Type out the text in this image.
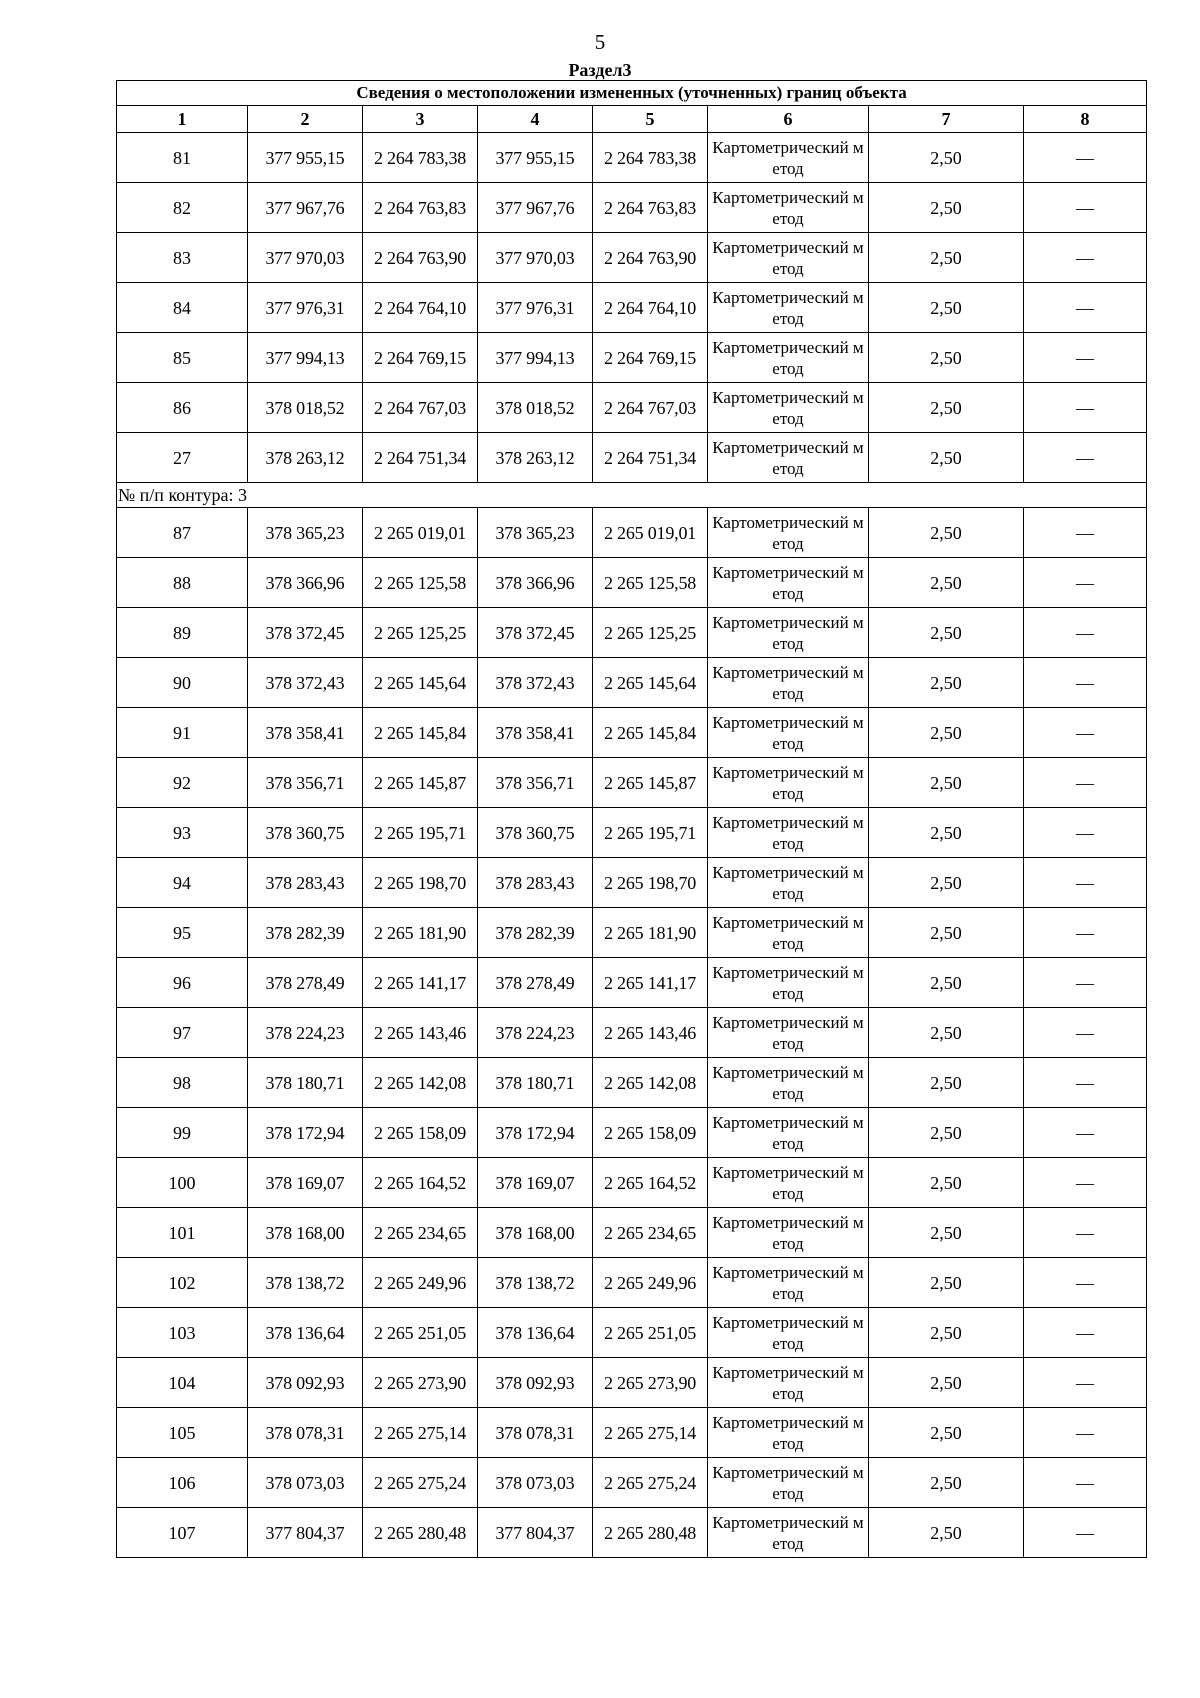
5
Раздел3
Сведения о местоположении измененных (уточненных) границ объекта							
1	2	3	4	5	6	7	8
81	377 955,15	2 264 783,38	377 955,15	2 264 783,38	Картометрический метод	2,50	—
82	377 967,76	2 264 763,83	377 967,76	2 264 763,83	Картометрический метод	2,50	—
83	377 970,03	2 264 763,90	377 970,03	2 264 763,90	Картометрический метод	2,50	—
84	377 976,31	2 264 764,10	377 976,31	2 264 764,10	Картометрический метод	2,50	—
85	377 994,13	2 264 769,15	377 994,13	2 264 769,15	Картометрический метод	2,50	—
86	378 018,52	2 264 767,03	378 018,52	2 264 767,03	Картометрический метод	2,50	—
27	378 263,12	2 264 751,34	378 263,12	2 264 751,34	Картометрический метод	2,50	—
№ п/п контура: 3							
87	378 365,23	2 265 019,01	378 365,23	2 265 019,01	Картометрический метод	2,50	—
88	378 366,96	2 265 125,58	378 366,96	2 265 125,58	Картометрический метод	2,50	—
89	378 372,45	2 265 125,25	378 372,45	2 265 125,25	Картометрический метод	2,50	—
90	378 372,43	2 265 145,64	378 372,43	2 265 145,64	Картометрический метод	2,50	—
91	378 358,41	2 265 145,84	378 358,41	2 265 145,84	Картометрический метод	2,50	—
92	378 356,71	2 265 145,87	378 356,71	2 265 145,87	Картометрический метод	2,50	—
93	378 360,75	2 265 195,71	378 360,75	2 265 195,71	Картометрический метод	2,50	—
94	378 283,43	2 265 198,70	378 283,43	2 265 198,70	Картометрический метод	2,50	—
95	378 282,39	2 265 181,90	378 282,39	2 265 181,90	Картометрический метод	2,50	—
96	378 278,49	2 265 141,17	378 278,49	2 265 141,17	Картометрический метод	2,50	—
97	378 224,23	2 265 143,46	378 224,23	2 265 143,46	Картометрический метод	2,50	—
98	378 180,71	2 265 142,08	378 180,71	2 265 142,08	Картометрический метод	2,50	—
99	378 172,94	2 265 158,09	378 172,94	2 265 158,09	Картометрический метод	2,50	—
100	378 169,07	2 265 164,52	378 169,07	2 265 164,52	Картометрический метод	2,50	—
101	378 168,00	2 265 234,65	378 168,00	2 265 234,65	Картометрический метод	2,50	—
102	378 138,72	2 265 249,96	378 138,72	2 265 249,96	Картометрический метод	2,50	—
103	378 136,64	2 265 251,05	378 136,64	2 265 251,05	Картометрический метод	2,50	—
104	378 092,93	2 265 273,90	378 092,93	2 265 273,90	Картометрический метод	2,50	—
105	378 078,31	2 265 275,14	378 078,31	2 265 275,14	Картометрический метод	2,50	—
106	378 073,03	2 265 275,24	378 073,03	2 265 275,24	Картометрический метод	2,50	—
107	377 804,37	2 265 280,48	377 804,37	2 265 280,48	Картометрический метод	2,50	—
